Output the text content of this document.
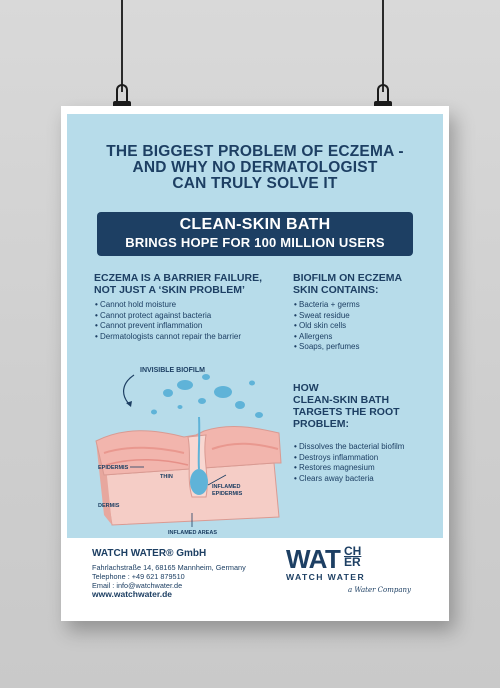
THE BIGGEST PROBLEM OF ECZEMA -
AND WHY NO DERMATOLOGIST
CAN TRULY SOLVE IT
CLEAN-SKIN BATH
BRINGS HOPE FOR 100 MILLION USERS
ECZEMA IS A BARRIER FAILURE,
NOT JUST A ‘SKIN PROBLEM’
• Cannot hold moisture
• Cannot protect against bacteria
• Cannot prevent inflammation
• Dermatologists cannot repair the barrier
BIOFILM ON ECZEMA
SKIN CONTAINS:
• Bacteria + germs
• Sweat residue
• Old skin cells
• Allergens
• Soaps, perfumes
HOW
CLEAN-SKIN BATH
TARGETS THE ROOT
PROBLEM:
• Dissolves the bacterial biofilm
• Destroys inflammation
• Restores magnesium
• Clears away bacteria
INVISIBLE BIOFILM
EPIDERMIS
THIN
INFLAMED
EPIDERMIS
DERMIS
INFLAMED AREAS
WATCH WATER® GmbH
Fahrlachstraße 14, 68165 Mannheim, Germany
Telephone : +49 621 879510
Email : info@watchwater.de
www.watchwater.de
WAT CH
ER
WATCH WATER
a Water Company
